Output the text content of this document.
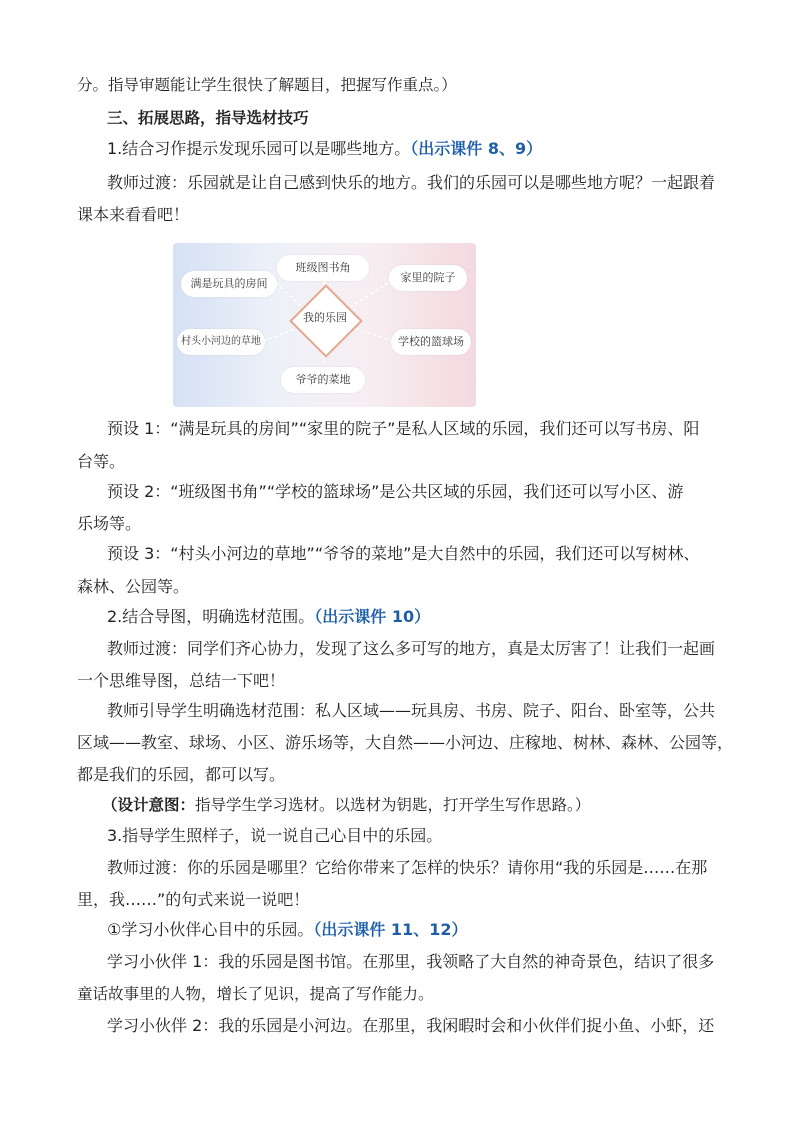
分。指导审题能让学生很快了解题目，把握写作重点。）
三、拓展思路，指导选材技巧
1.结合习作提示发现乐园可以是哪些地方。（出示课件 8、9）
教师过渡：乐园就是让自己感到快乐的地方。我们的乐园可以是哪些地方呢？一起跟着
课本来看看吧！
班级图书角
满是玩具的房间	家里的院子
村头小河边的草地	学校的篮球场
爷爷的菜地
我的乐园
预设 1：“满是玩具的房间”“家里的院子”是私人区域的乐园，我们还可以写书房、阳
台等。
预设 2：“班级图书角”“学校的篮球场”是公共区域的乐园，我们还可以写小区、游
乐场等。
预设 3：“村头小河边的草地”“爷爷的菜地”是大自然中的乐园，我们还可以写树林、
森林、公园等。
2.结合导图，明确选材范围。（出示课件 10）
教师过渡：同学们齐心协力，发现了这么多可写的地方，真是太厉害了！让我们一起画
一个思维导图，总结一下吧！
教师引导学生明确选材范围：私人区域——玩具房、书房、院子、阳台、卧室等，公共
区域——教室、球场、小区、游乐场等，大自然——小河边、庄稼地、树林、森林、公园等，
都是我们的乐园，都可以写。
（设计意图：指导学生学习选材。以选材为钥匙，打开学生写作思路。）
3.指导学生照样子，说一说自己心目中的乐园。
教师过渡：你的乐园是哪里？它给你带来了怎样的快乐？请你用“我的乐园是……在那
里，我……”的句式来说一说吧！
①学习小伙伴心目中的乐园。（出示课件 11、12）
学习小伙伴 1：我的乐园是图书馆。在那里，我领略了大自然的神奇景色，结识了很多
童话故事里的人物，增长了见识，提高了写作能力。
学习小伙伴 2：我的乐园是小河边。在那里，我闲暇时会和小伙伴们捉小鱼、小虾，还
